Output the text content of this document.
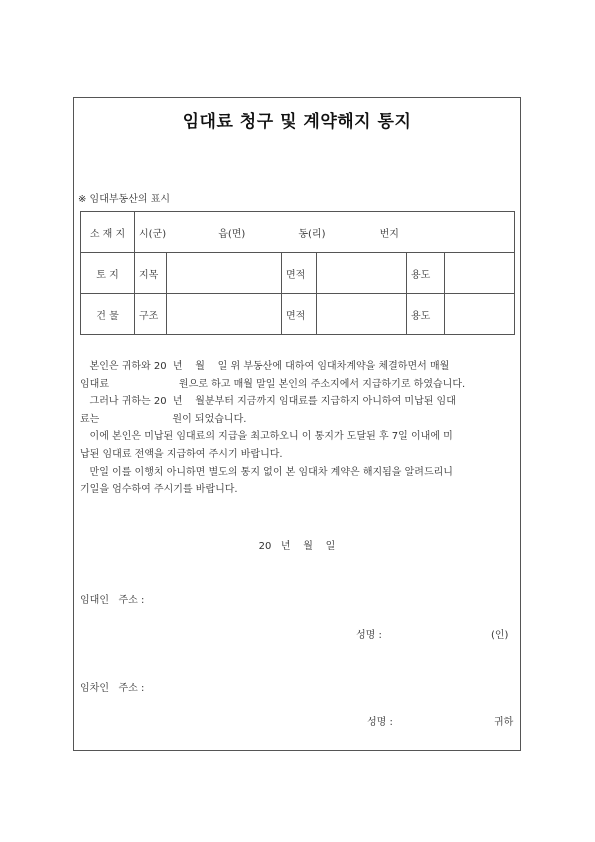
임대료 청구 및 계약해지 통지
※ 임대부동산의 표시
소 재 지	시(군) 읍(면) 동(리) 번지					
토 지	지목		면적		용도	
건 물	구조		면적		용도	

본인은 귀하와 20  년    월    일 위 부동산에 대하여 임대차계약을 체결하면서 매월

임대료                      원으로 하고 매월 말일 본인의 주소지에서 지급하기로 하였습니다.

그러나 귀하는 20  년    월분부터 지금까지 임대료를 지급하지 아니하여 미납된 임대

료는                       원이 되었습니다.

이에 본인은 미납된 임대료의 지급을 최고하오니 이 통지가 도달된 후 7일 이내에 미

납된 임대료 전액을 지급하여 주시기 바랍니다.

만일 이를 이행치 아니하면 별도의 통지 없이 본 임대차 계약은 해지됨을 알려드리니

기일을 엄수하여 주시기를 바랍니다.

20   년    월    일
임대인   주소 :
성명 :	(인)
임차인   주소 :
성명 :	귀하
